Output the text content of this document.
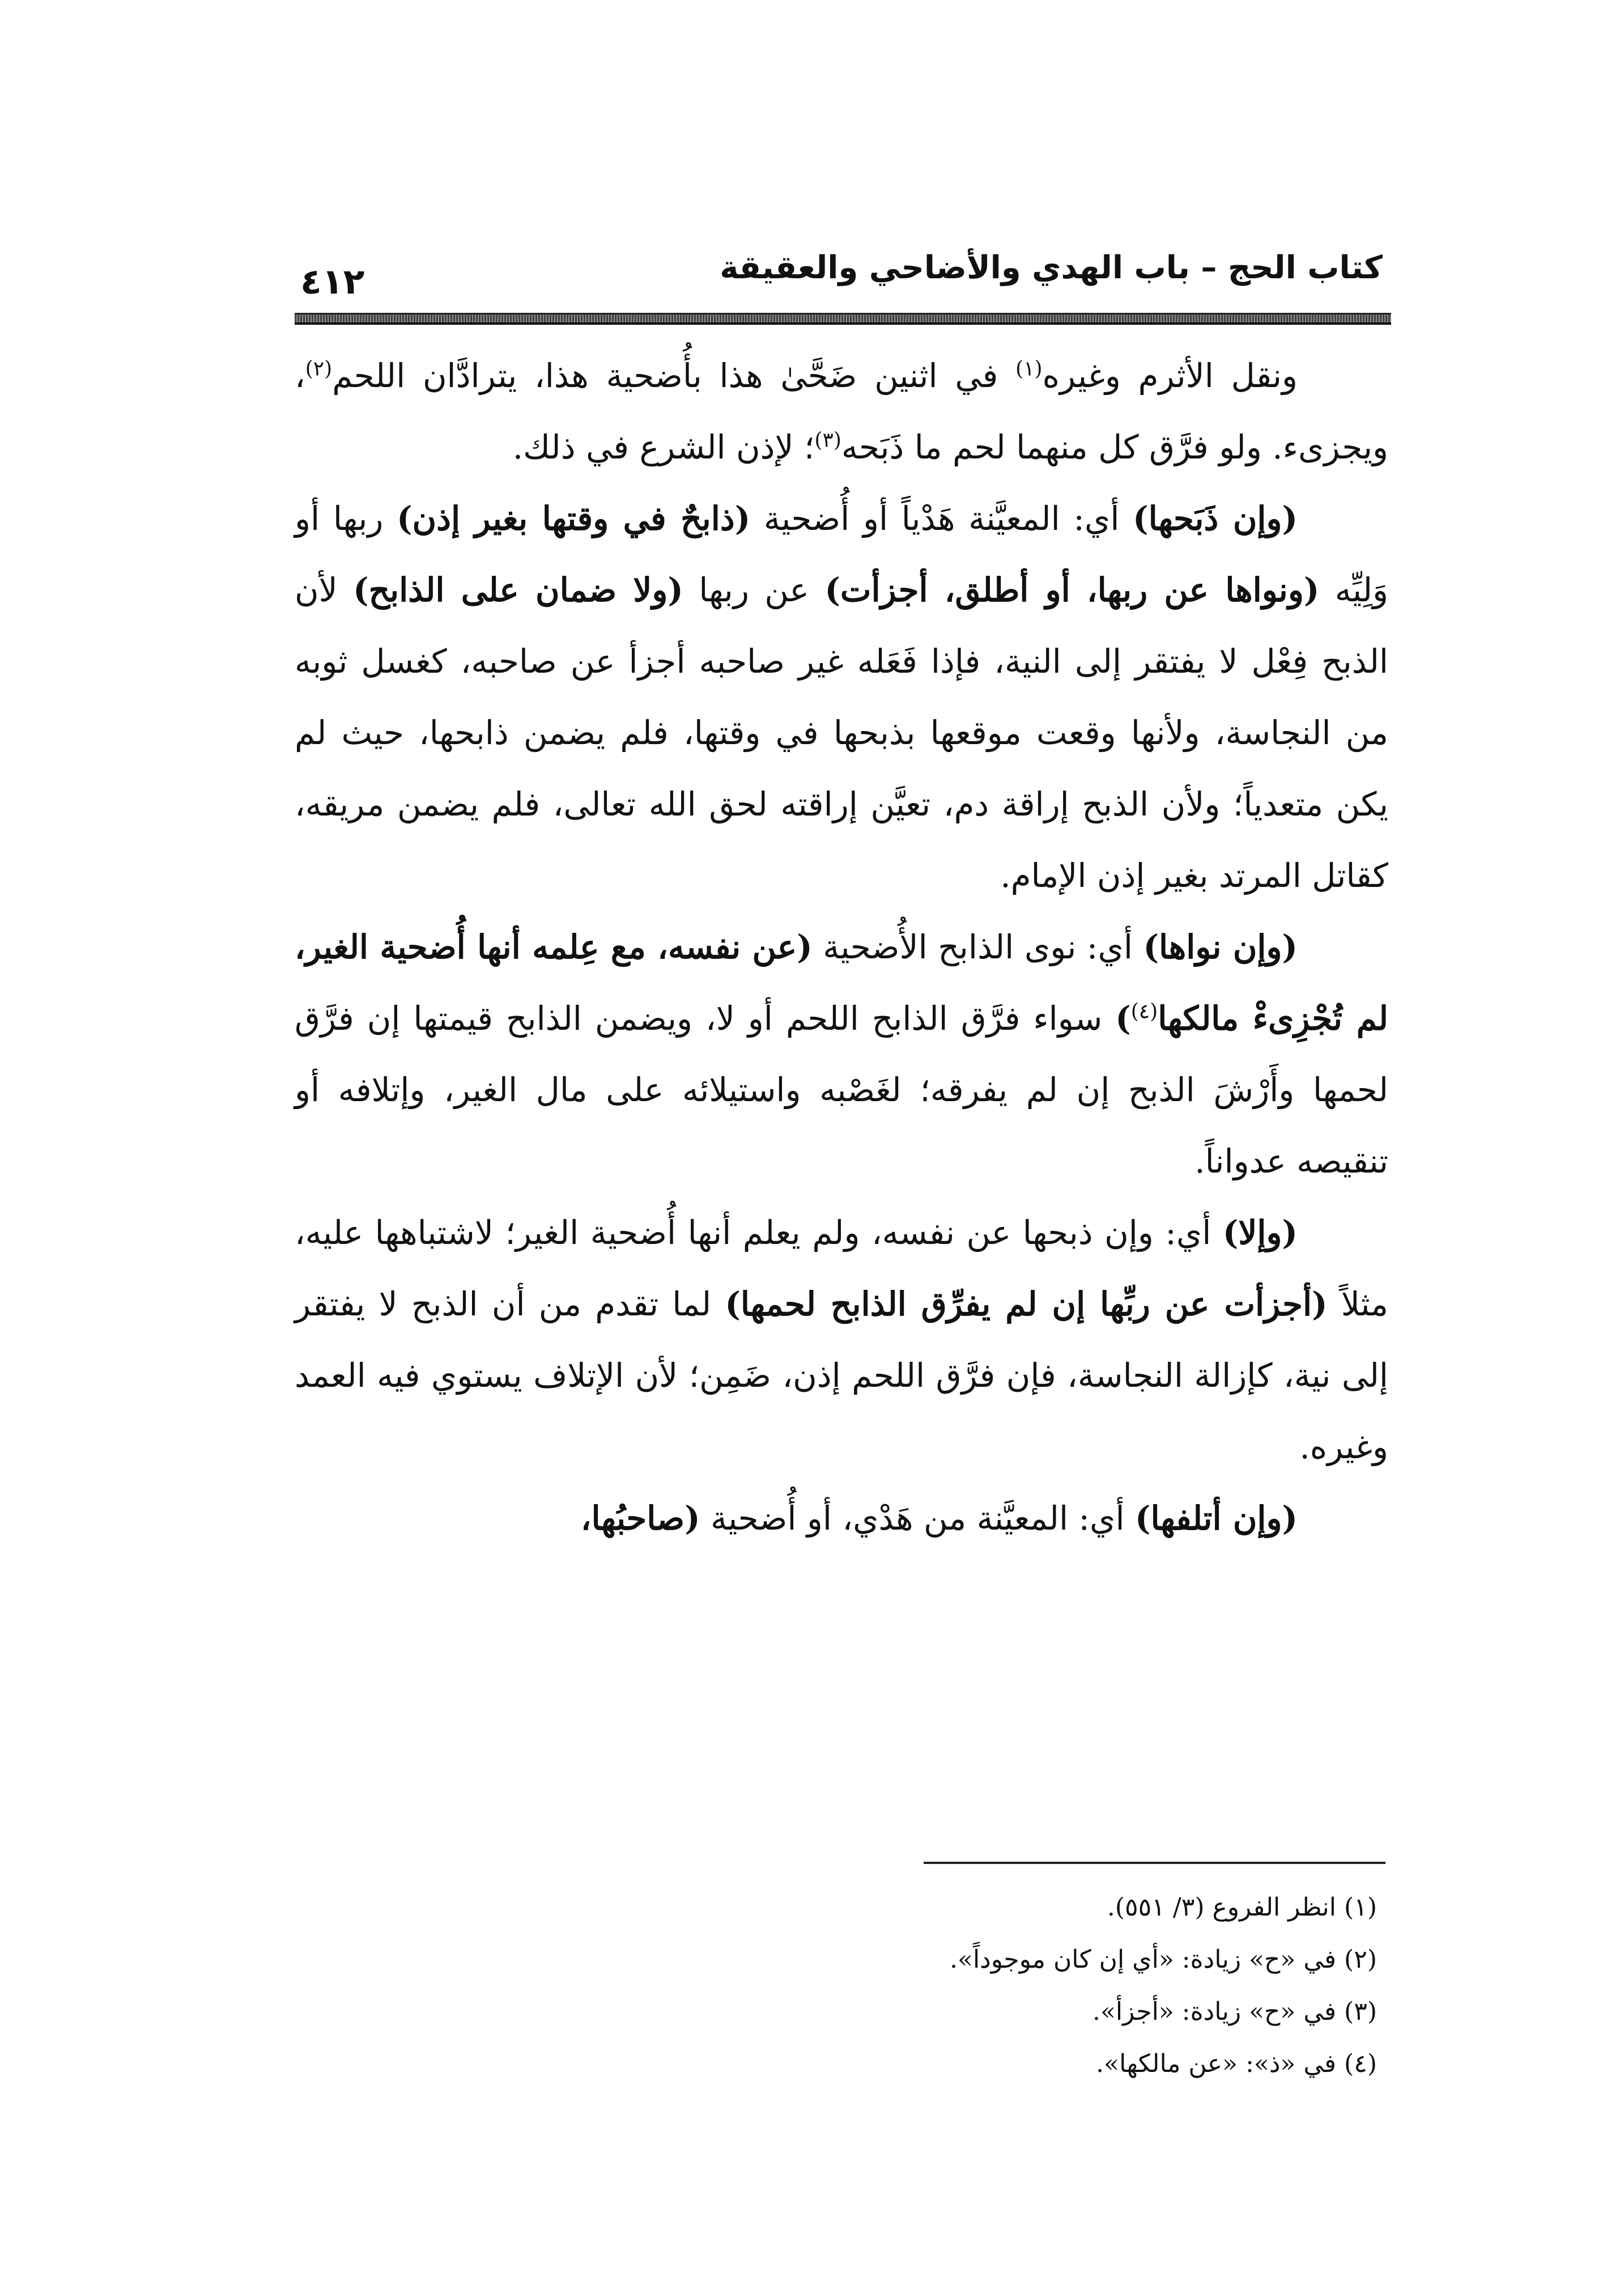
كتاب الحج – باب الهدي والأضاحي والعقيقة
٤١٢

ونقل الأثرم وغيره$^{(١)}$ في اثنين ضَحَّىٰ هذا بأُضحية هذا، يترادَّان اللحم$^{(٢)}$، ويجزىء. ولو فرَّق كل منهما لحم ما ذَبَحه$^{(٣)}$؛ لإذن الشرع في ذلك.

(وإن ذَبَحها) أي: المعيَّنة هَدْياً أو أُضحية (ذابحٌ في وقتها بغير إذن) ربها أو وَلِيِّه (ونواها عن ربها، أو أطلق، أجزأت) عن ربها (ولا ضمان على الذابح) لأن الذبح فِعْل لا يفتقر إلى النية، فإذا فَعَله غير صاحبه أجزأ عن صاحبه، كغسل ثوبه من النجاسة، ولأنها وقعت موقعها بذبحها في وقتها، فلم يضمن ذابحها، حيث لم يكن متعدياً؛ ولأن الذبح إراقة دم، تعيَّن إراقته لحق الله تعالى، فلم يضمن مريقه، كقاتل المرتد بغير إذن الإمام.

(وإن نواها) أي: نوى الذابح الأُضحية (عن نفسه، مع عِلمه أنها أُضحية الغير، لم تُجْزِىءْ مالكها$^{(٤)}$) سواء فرَّق الذابح اللحم أو لا، ويضمن الذابح قيمتها إن فرَّق لحمها وأَرْشَ الذبح إن لم يفرقه؛ لغَصْبه واستيلائه على مال الغير، وإتلافه أو تنقيصه عدواناً.

(وإلا) أي: وإن ذبحها عن نفسه، ولم يعلم أنها أُضحية الغير؛ لاشتباهها عليه، مثلاً (أجزأت عن ربِّها إن لم يفرِّق الذابح لحمها) لما تقدم من أن الذبح لا يفتقر إلى نية، كإزالة النجاسة، فإن فرَّق اللحم إذن، ضَمِن؛ لأن الإتلاف يستوي فيه العمد وغيره.

(وإن أتلفها) أي: المعيَّنة من هَدْي، أو أُضحية (صاحبُها،

(١) انظر الفروع (٣/ ٥٥١).
(٢) في «ح» زيادة: «أي إن كان موجوداً».
(٣) في «ح» زيادة: «أجزأ».
(٤) في «ذ»: «عن مالكها».
